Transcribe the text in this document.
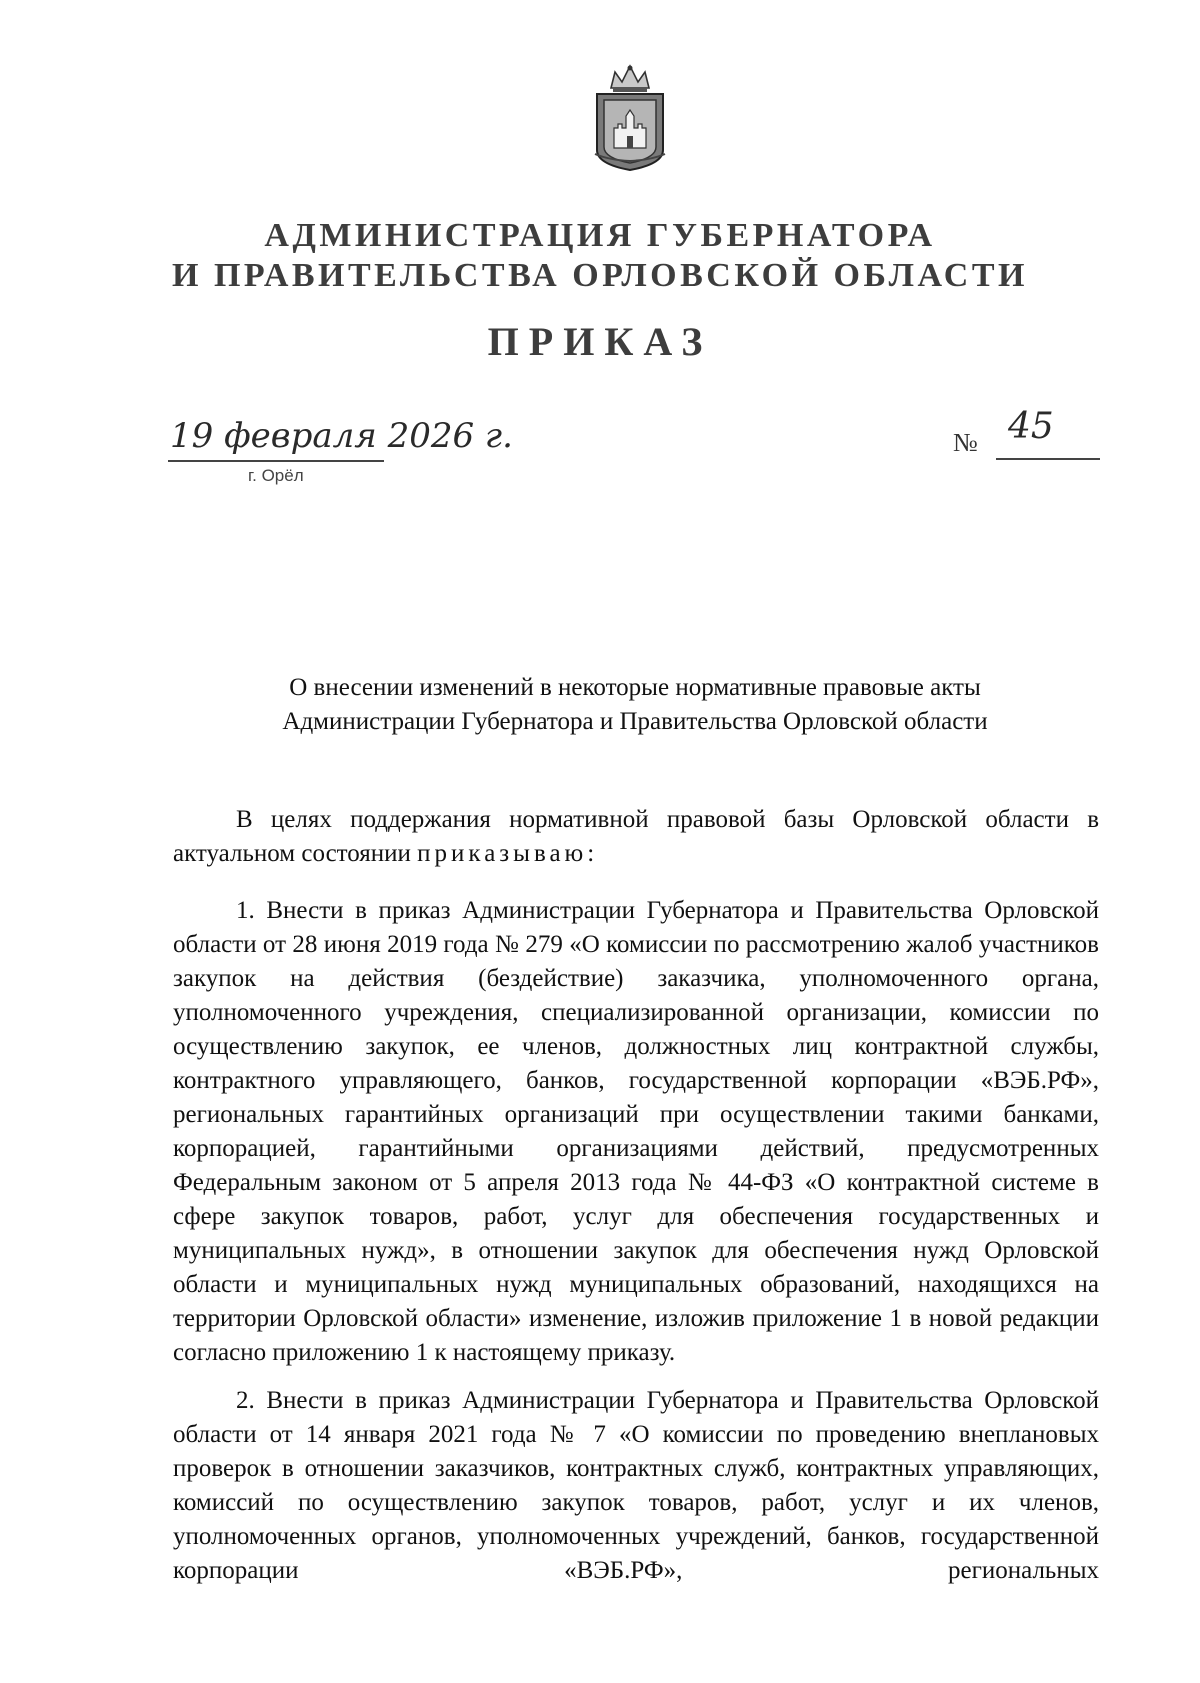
АДМИНИСТРАЦИЯ ГУБЕРНАТОРА
И ПРАВИТЕЛЬСТВА ОРЛОВСКОЙ ОБЛАСТИ
ПРИКАЗ
19 февраля 2026 г.
г. Орёл
№ 45
О внесении изменений в некоторые нормативные правовые акты
Администрации Губернатора и Правительства Орловской области
В целях поддержания нормативной правовой базы Орловской области в актуальном состоянии приказываю:
1. Внести в приказ Администрации Губернатора и Правительства Орловской области от 28 июня 2019 года № 279 «О комиссии по рассмотрению жалоб участников закупок на действия (бездействие) заказчика, уполномоченного органа, уполномоченного учреждения, специализированной организации, комиссии по осуществлению закупок, ее членов, должностных лиц контрактной службы, контрактного управляющего, банков, государственной корпорации «ВЭБ.РФ», региональных гарантийных организаций при осуществлении такими банками, корпорацией, гарантийными организациями действий, предусмотренных Федеральным законом от 5 апреля 2013 года № 44-ФЗ «О контрактной системе в сфере закупок товаров, работ, услуг для обеспечения государственных и муниципальных нужд», в отношении закупок для обеспечения нужд Орловской области и муниципальных нужд муниципальных образований, находящихся на территории Орловской области» изменение, изложив приложение 1 в новой редакции согласно приложению 1 к настоящему приказу.
2. Внести в приказ Администрации Губернатора и Правительства Орловской области от 14 января 2021 года № 7 «О комиссии по проведению внеплановых проверок в отношении заказчиков, контрактных служб, контрактных управляющих, комиссий по осуществлению закупок товаров, работ, услуг и их членов, уполномоченных органов, уполномоченных учреждений, банков, государственной корпорации «ВЭБ.РФ», региональных
